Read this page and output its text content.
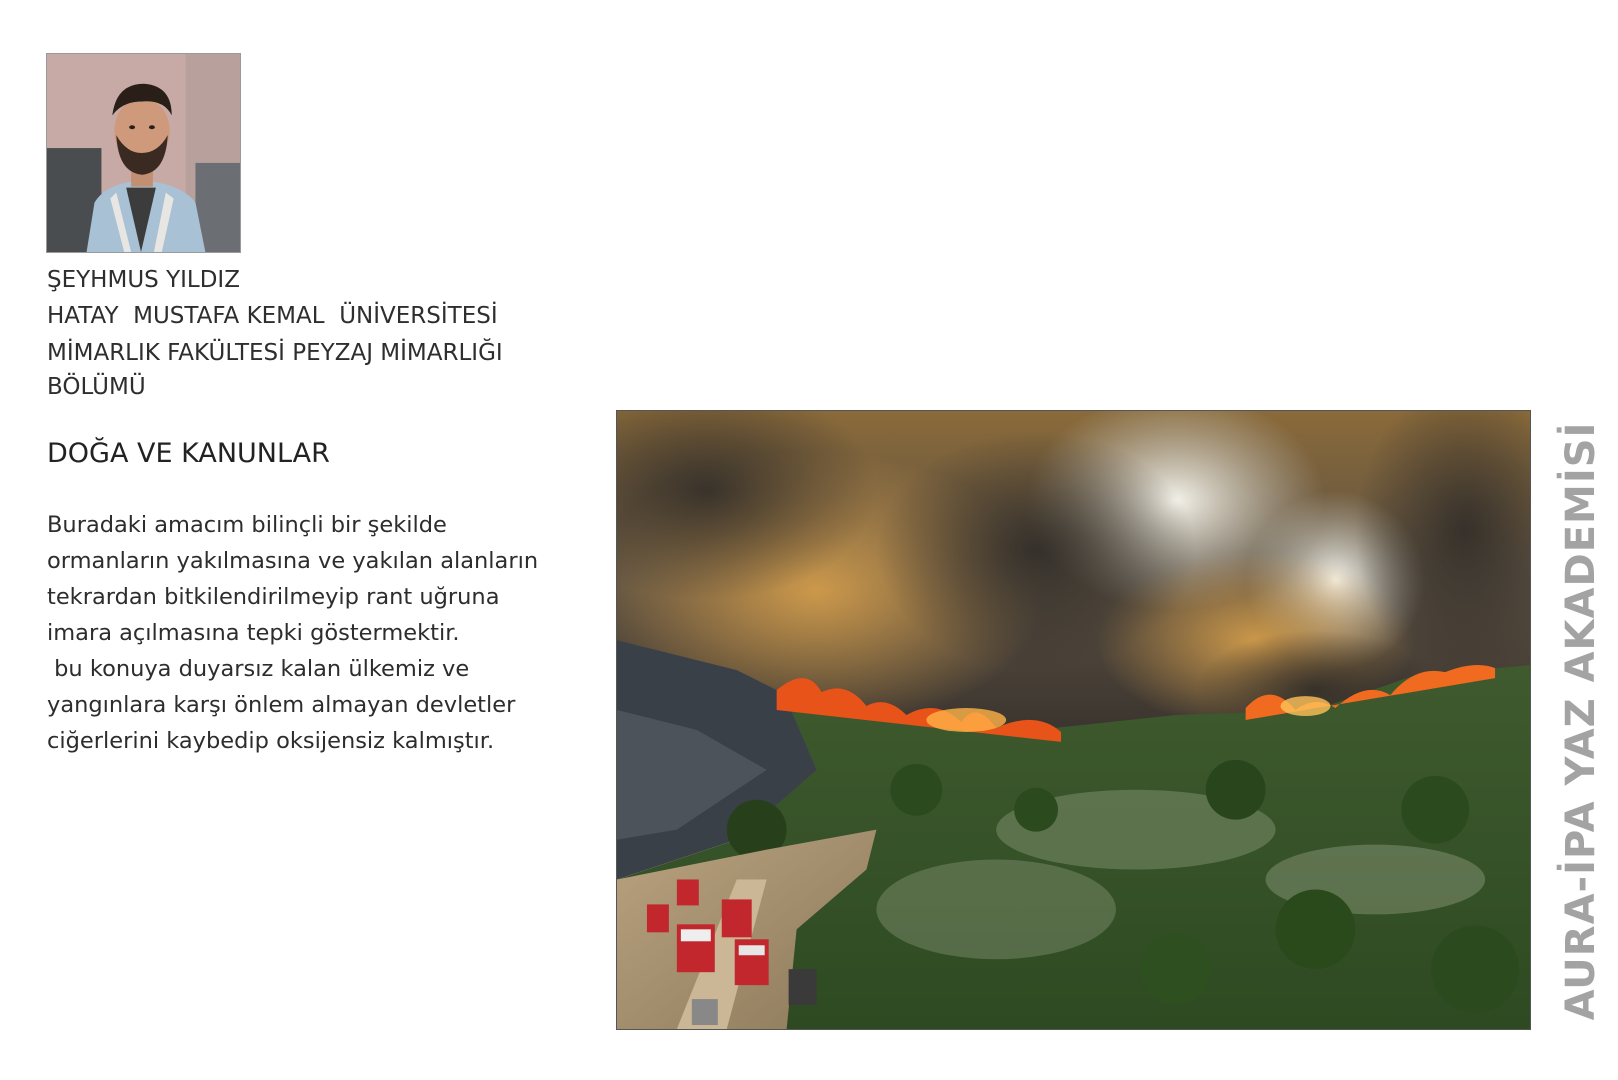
ŞEYHMUS YILDIZ
HATAY  MUSTAFA KEMAL  ÜNİVERSİTESİ
MİMARLIK FAKÜLTESİ PEYZAJ MİMARLIĞI BÖLÜMÜ
DOĞA VE KANUNLAR
Buradaki amacım bilinçli bir şekilde
ormanların yakılmasına ve yakılan alanların
tekrardan bitkilendirilmeyip rant uğruna
imara açılmasına tepki göstermektir.
bu konuya duyarsız kalan ülkemiz ve
yangınlara karşı önlem almayan devletler
ciğerlerini kaybedip oksijensiz kalmıştır.	AURA-İPA YAZ AKADEMİSİ
